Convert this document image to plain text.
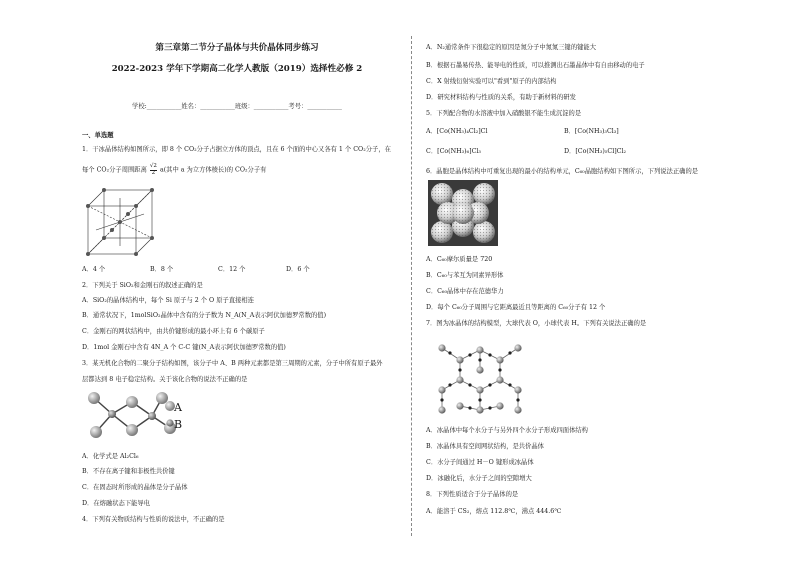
第三章第二节分子晶体与共价晶体同步练习
2022-2023 学年下学期高二化学人教版（2019）选择性必修 2
学校:___________姓名：___________班级：___________考号：___________
一、单选题
1．干冰晶体结构如图所示，即 8 个 CO₂分子占据立方体的顶点，且在 6 个面的中心又各有 1 个 CO₂分子，在
每个 CO₂分子周围距离 $\frac{√2}{2} a$(其中 a 为立方体棱长)的 CO₂分子有
A．4 个	B．8 个	C．12 个	D．6 个
2．下列关于 SiO₂和金刚石的叙述正确的是
A．SiO₂的晶体结构中，每个 Si 原子与 2 个 O 原子直接相连
B．通常状况下，1molSiO₂晶体中含有的分子数为 N_A(N_A表示阿伏加德罗常数的值)
C．金刚石的网状结构中，由共价键形成的最小环上有 6 个碳原子
D．1mol 金刚石中含有 4N_A 个 C-C 键(N_A表示阿伏加德罗常数的值)
3．某无机化合物的二聚分子结构如图，该分子中 A、B 两种元素都是第三周期的元素，分子中所有原子最外
层都达到 8 电子稳定结构。关于该化合物的说法不正确的是
A
B
A．化学式是 Al₂Cl₆
B．不存在离子键和非极性共价键
C．在固态时所形成的晶体是分子晶体
D．在熔融状态下能导电
4．下列有关物质结构与性质的说法中，不正确的是
A．N₂通常条件下很稳定的原因是氮分子中氮氮三键的键能大
B．根据石墨易传热、能导电的性质，可以推测出石墨晶体中有自由移动的电子
C．X 射线衍射实验可以"看到"原子的内部结构
D．研究材料结构与性质的关系，有助于新材料的研发
5．下列配合物的水溶液中加入硝酸银不能生成沉淀的是
A．[Co(NH₃)₄Cl₂]Cl	B．[Co(NH₃)₃Cl₃]
C．[Co(NH₃)₆]Cl₃	D．[Co(NH₃)₅Cl]Cl₂
6．晶胞是晶体结构中可重复出现的最小的结构单元，C₆₀晶胞结构如下图所示，下列说法正确的是
A．C₆₀摩尔质量是 720
B．C₆₀与苯互为同素异形体
C．C₆₀晶体中存在范德华力
D．每个 C₆₀分子周围与它距离最近且等距离的 C₆₀分子有 12 个
7．图为冰晶体的结构模型，大球代表 O，小球代表 H。下列有关说法正确的是
A．冰晶体中每个水分子与另外四个水分子形成四面体结构
B．冰晶体具有空间网状结构，是共价晶体
C．水分子间通过 H－O 键形成冰晶体
D．冰融化后，水分子之间的空隙增大
8．下列性质适合于分子晶体的是
A．能溶于 CS₂，熔点 112.8℃，沸点 444.6℃
